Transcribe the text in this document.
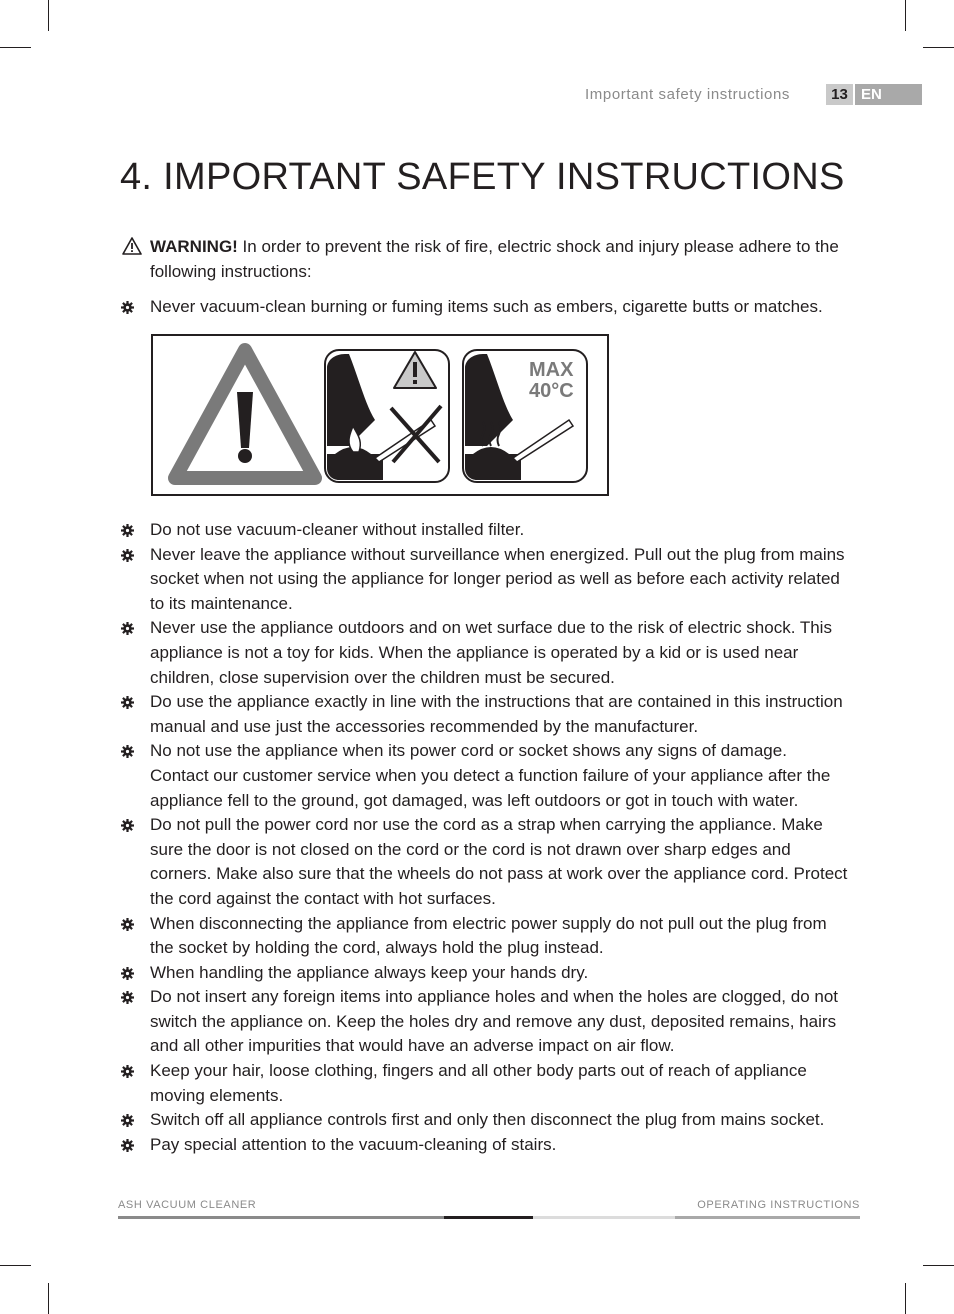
Important safety instructions	13 EN
4. IMPORTANT SAFETY INSTRUCTIONS
WARNING! In order to prevent the risk of fire, electric shock and injury please adhere to the following instructions:
Never vacuum-clean burning or fuming items such as embers, cigarette butts or matches.
MAX
40°C
Do not use vacuum-cleaner without installed filter.
Never leave the appliance without surveillance when energized. Pull out the plug from mains socket when not using the appliance for longer period as well as before each activity related to its maintenance.
Never use the appliance outdoors and on wet surface due to the risk of electric shock. This appliance is not a toy for kids. When the appliance is operated by a kid or is used near children, close supervision over the children must be secured.
Do use the appliance exactly in line with the instructions that are contained in this instruction manual and use just the accessories recommended by the manufacturer.
No not use the appliance when its power cord or socket shows any signs of damage. Contact our customer service when you detect a function failure of your appliance after the appliance fell to the ground, got damaged, was left outdoors or got in touch with water.
Do not pull the power cord nor use the cord as a strap when carrying the appliance. Make sure the door is not closed on the cord or the cord is not drawn over sharp edges and corners. Make also sure that the wheels do not pass at work over the appliance cord. Protect the cord against the contact with hot surfaces.
When disconnecting the appliance from electric power supply do not pull out the plug from the socket by holding the cord, always hold the plug instead.
When handling the appliance always keep your hands dry.
Do not insert any foreign items into appliance holes and when the holes are clogged, do not switch the appliance on. Keep the holes dry and remove any dust, deposited remains, hairs and all other impurities that would have an adverse impact on air flow.
Keep your hair, loose clothing, fingers and all other body parts out of reach of appliance moving elements.
Switch off all appliance controls first and only then disconnect the plug from mains socket.
Pay special attention to the vacuum-cleaning of stairs.
ASH VACUUM CLEANER	OPERATING INSTRUCTIONS
